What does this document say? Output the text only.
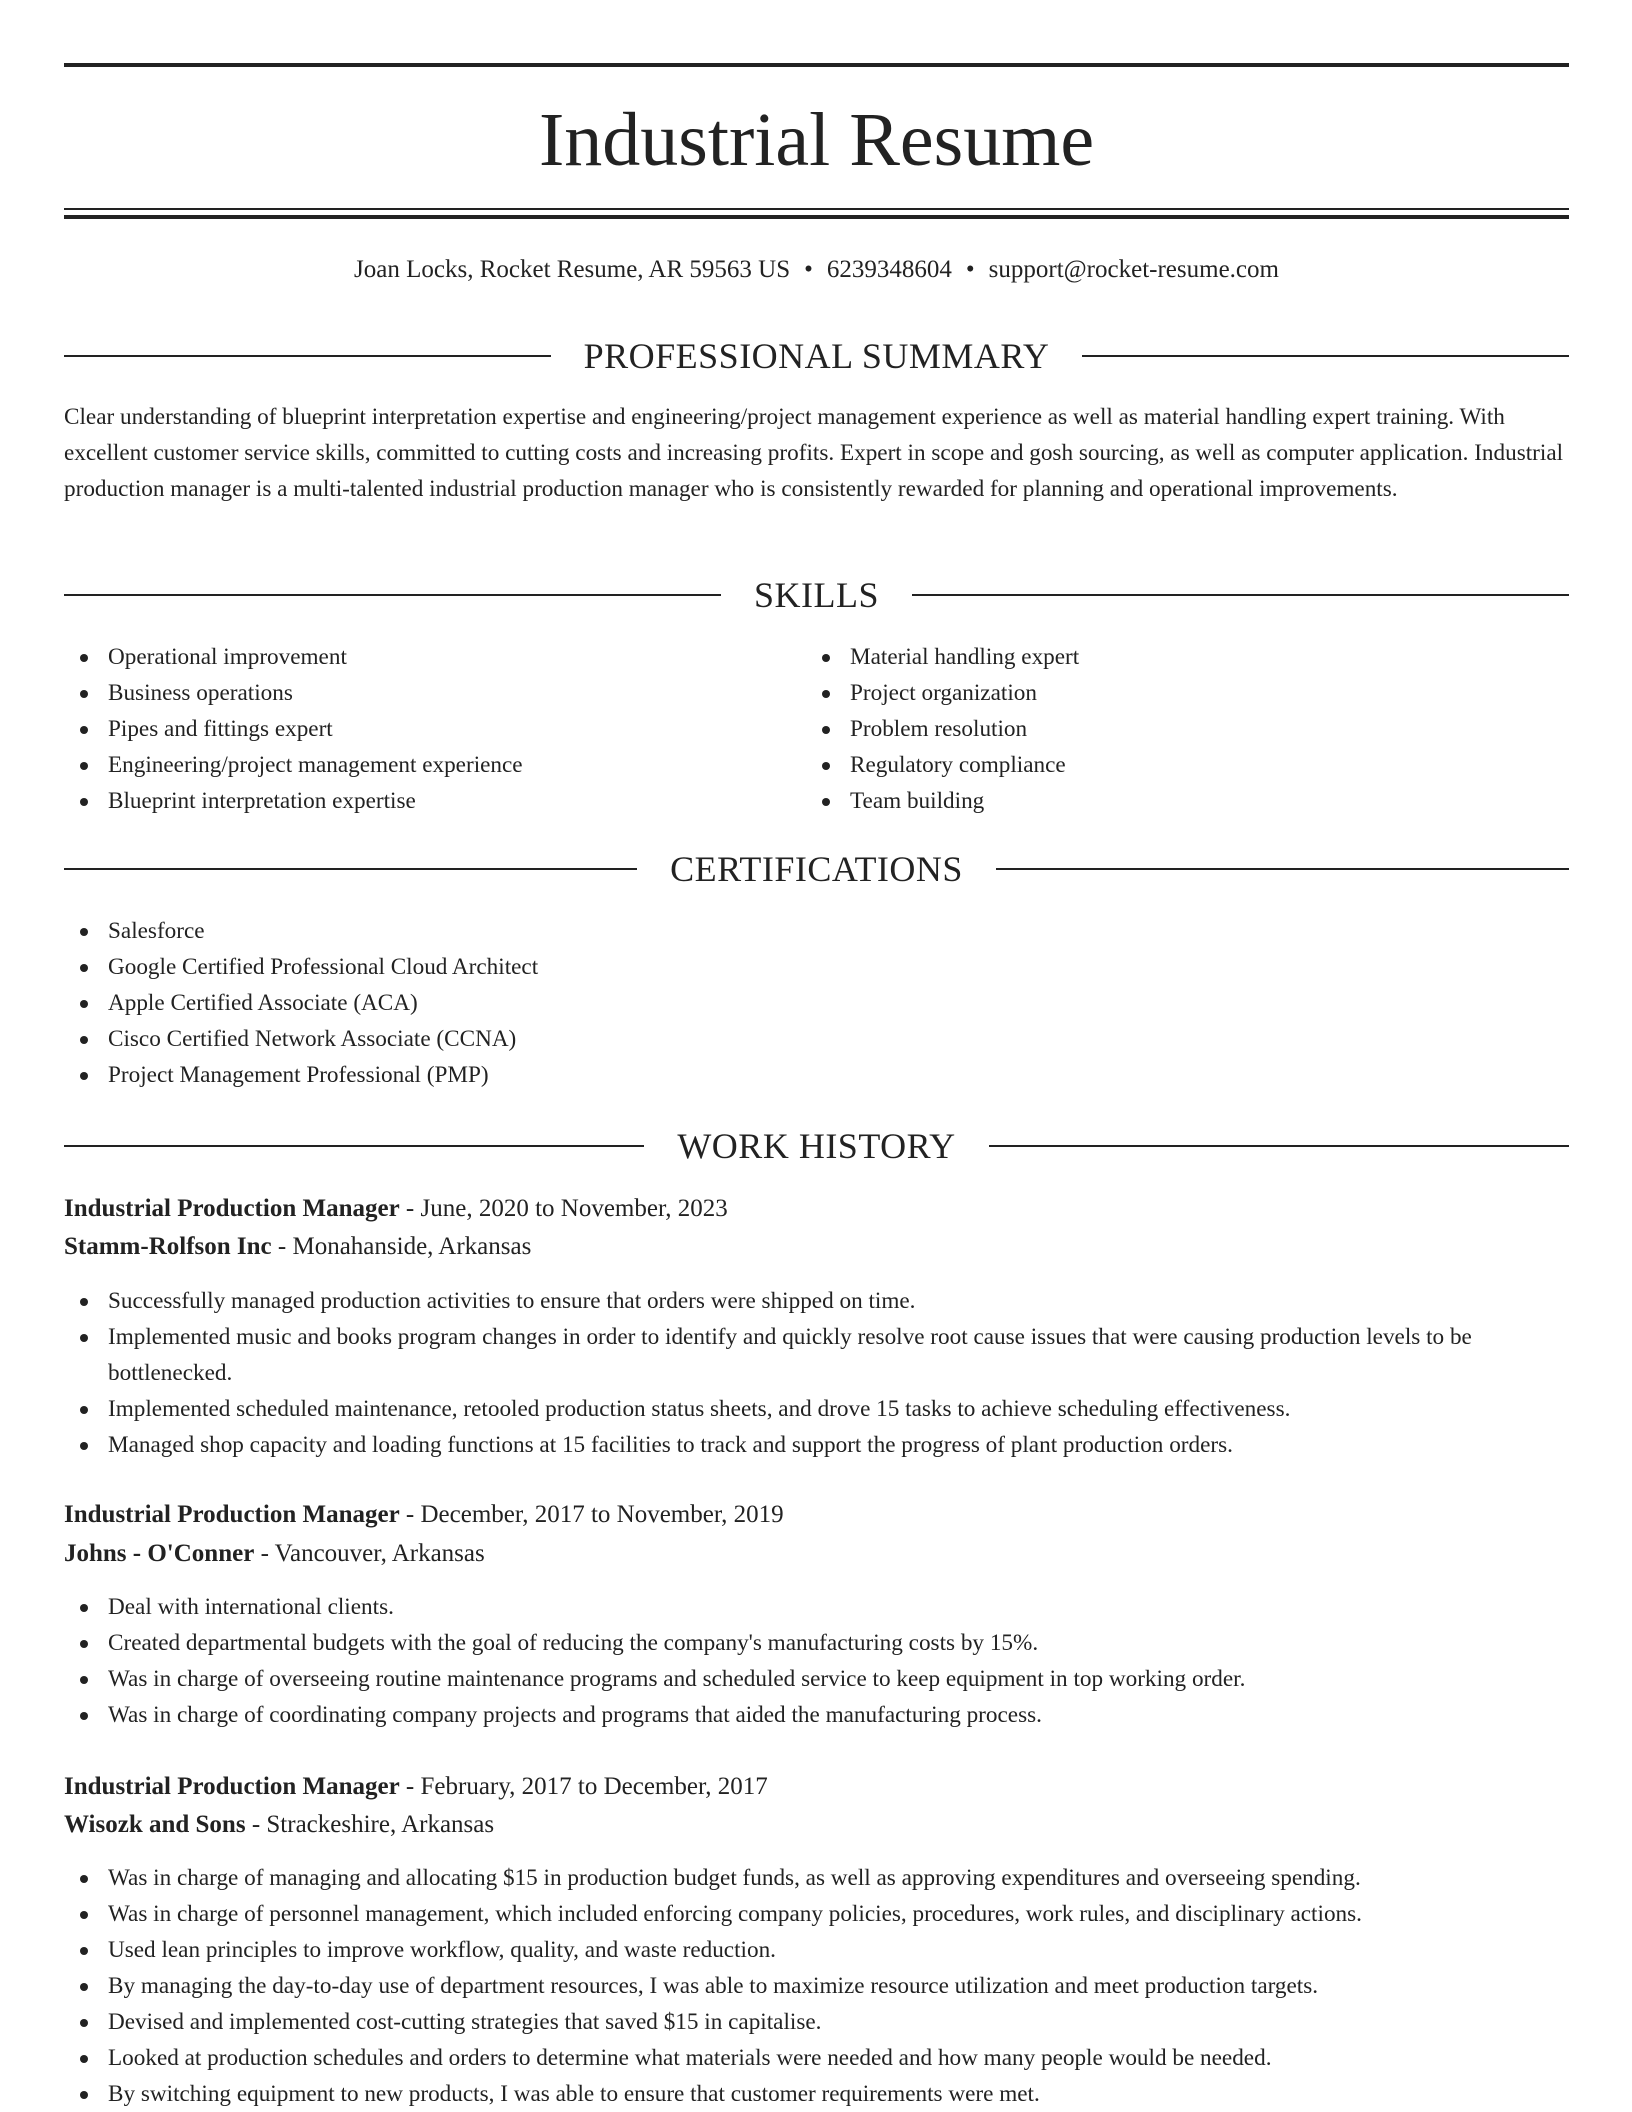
Industrial Resume
Joan Locks, Rocket Resume, AR 59563 US • 6239348604 • support@rocket-resume.com
PROFESSIONAL SUMMARY

Clear understanding of blueprint interpretation expertise and engineering/project management experience as well as material handling expert training. With excellent customer service skills, committed to cutting costs and increasing profits. Expert in scope and gosh sourcing, as well as computer application. Industrial production manager is a multi-talented industrial production manager who is consistently rewarded for planning and operational improvements.

SKILLS
Operational improvement
Business operations
Pipes and fittings expert
Engineering/project management experience
Blueprint interpretation expertise
Material handling expert
Project organization
Problem resolution
Regulatory compliance
Team building
CERTIFICATIONS
Salesforce
Google Certified Professional Cloud Architect
Apple Certified Associate (ACA)
Cisco Certified Network Associate (CCNA)
Project Management Professional (PMP)
WORK HISTORY
Industrial Production Manager - June, 2020 to November, 2023
Stamm-Rolfson Inc - Monahanside, Arkansas
Successfully managed production activities to ensure that orders were shipped on time.
Implemented music and books program changes in order to identify and quickly resolve root cause issues that were causing production levels to be bottlenecked.
Implemented scheduled maintenance, retooled production status sheets, and drove 15 tasks to achieve scheduling effectiveness.
Managed shop capacity and loading functions at 15 facilities to track and support the progress of plant production orders.
Industrial Production Manager - December, 2017 to November, 2019
Johns - O'Conner - Vancouver, Arkansas
Deal with international clients.
Created departmental budgets with the goal of reducing the company's manufacturing costs by 15%.
Was in charge of overseeing routine maintenance programs and scheduled service to keep equipment in top working order.
Was in charge of coordinating company projects and programs that aided the manufacturing process.
Industrial Production Manager - February, 2017 to December, 2017
Wisozk and Sons - Strackeshire, Arkansas
Was in charge of managing and allocating $15 in production budget funds, as well as approving expenditures and overseeing spending.
Was in charge of personnel management, which included enforcing company policies, procedures, work rules, and disciplinary actions.
Used lean principles to improve workflow, quality, and waste reduction.
By managing the day-to-day use of department resources, I was able to maximize resource utilization and meet production targets.
Devised and implemented cost-cutting strategies that saved $15 in capitalise.
Looked at production schedules and orders to determine what materials were needed and how many people would be needed.
By switching equipment to new products, I was able to ensure that customer requirements were met.
